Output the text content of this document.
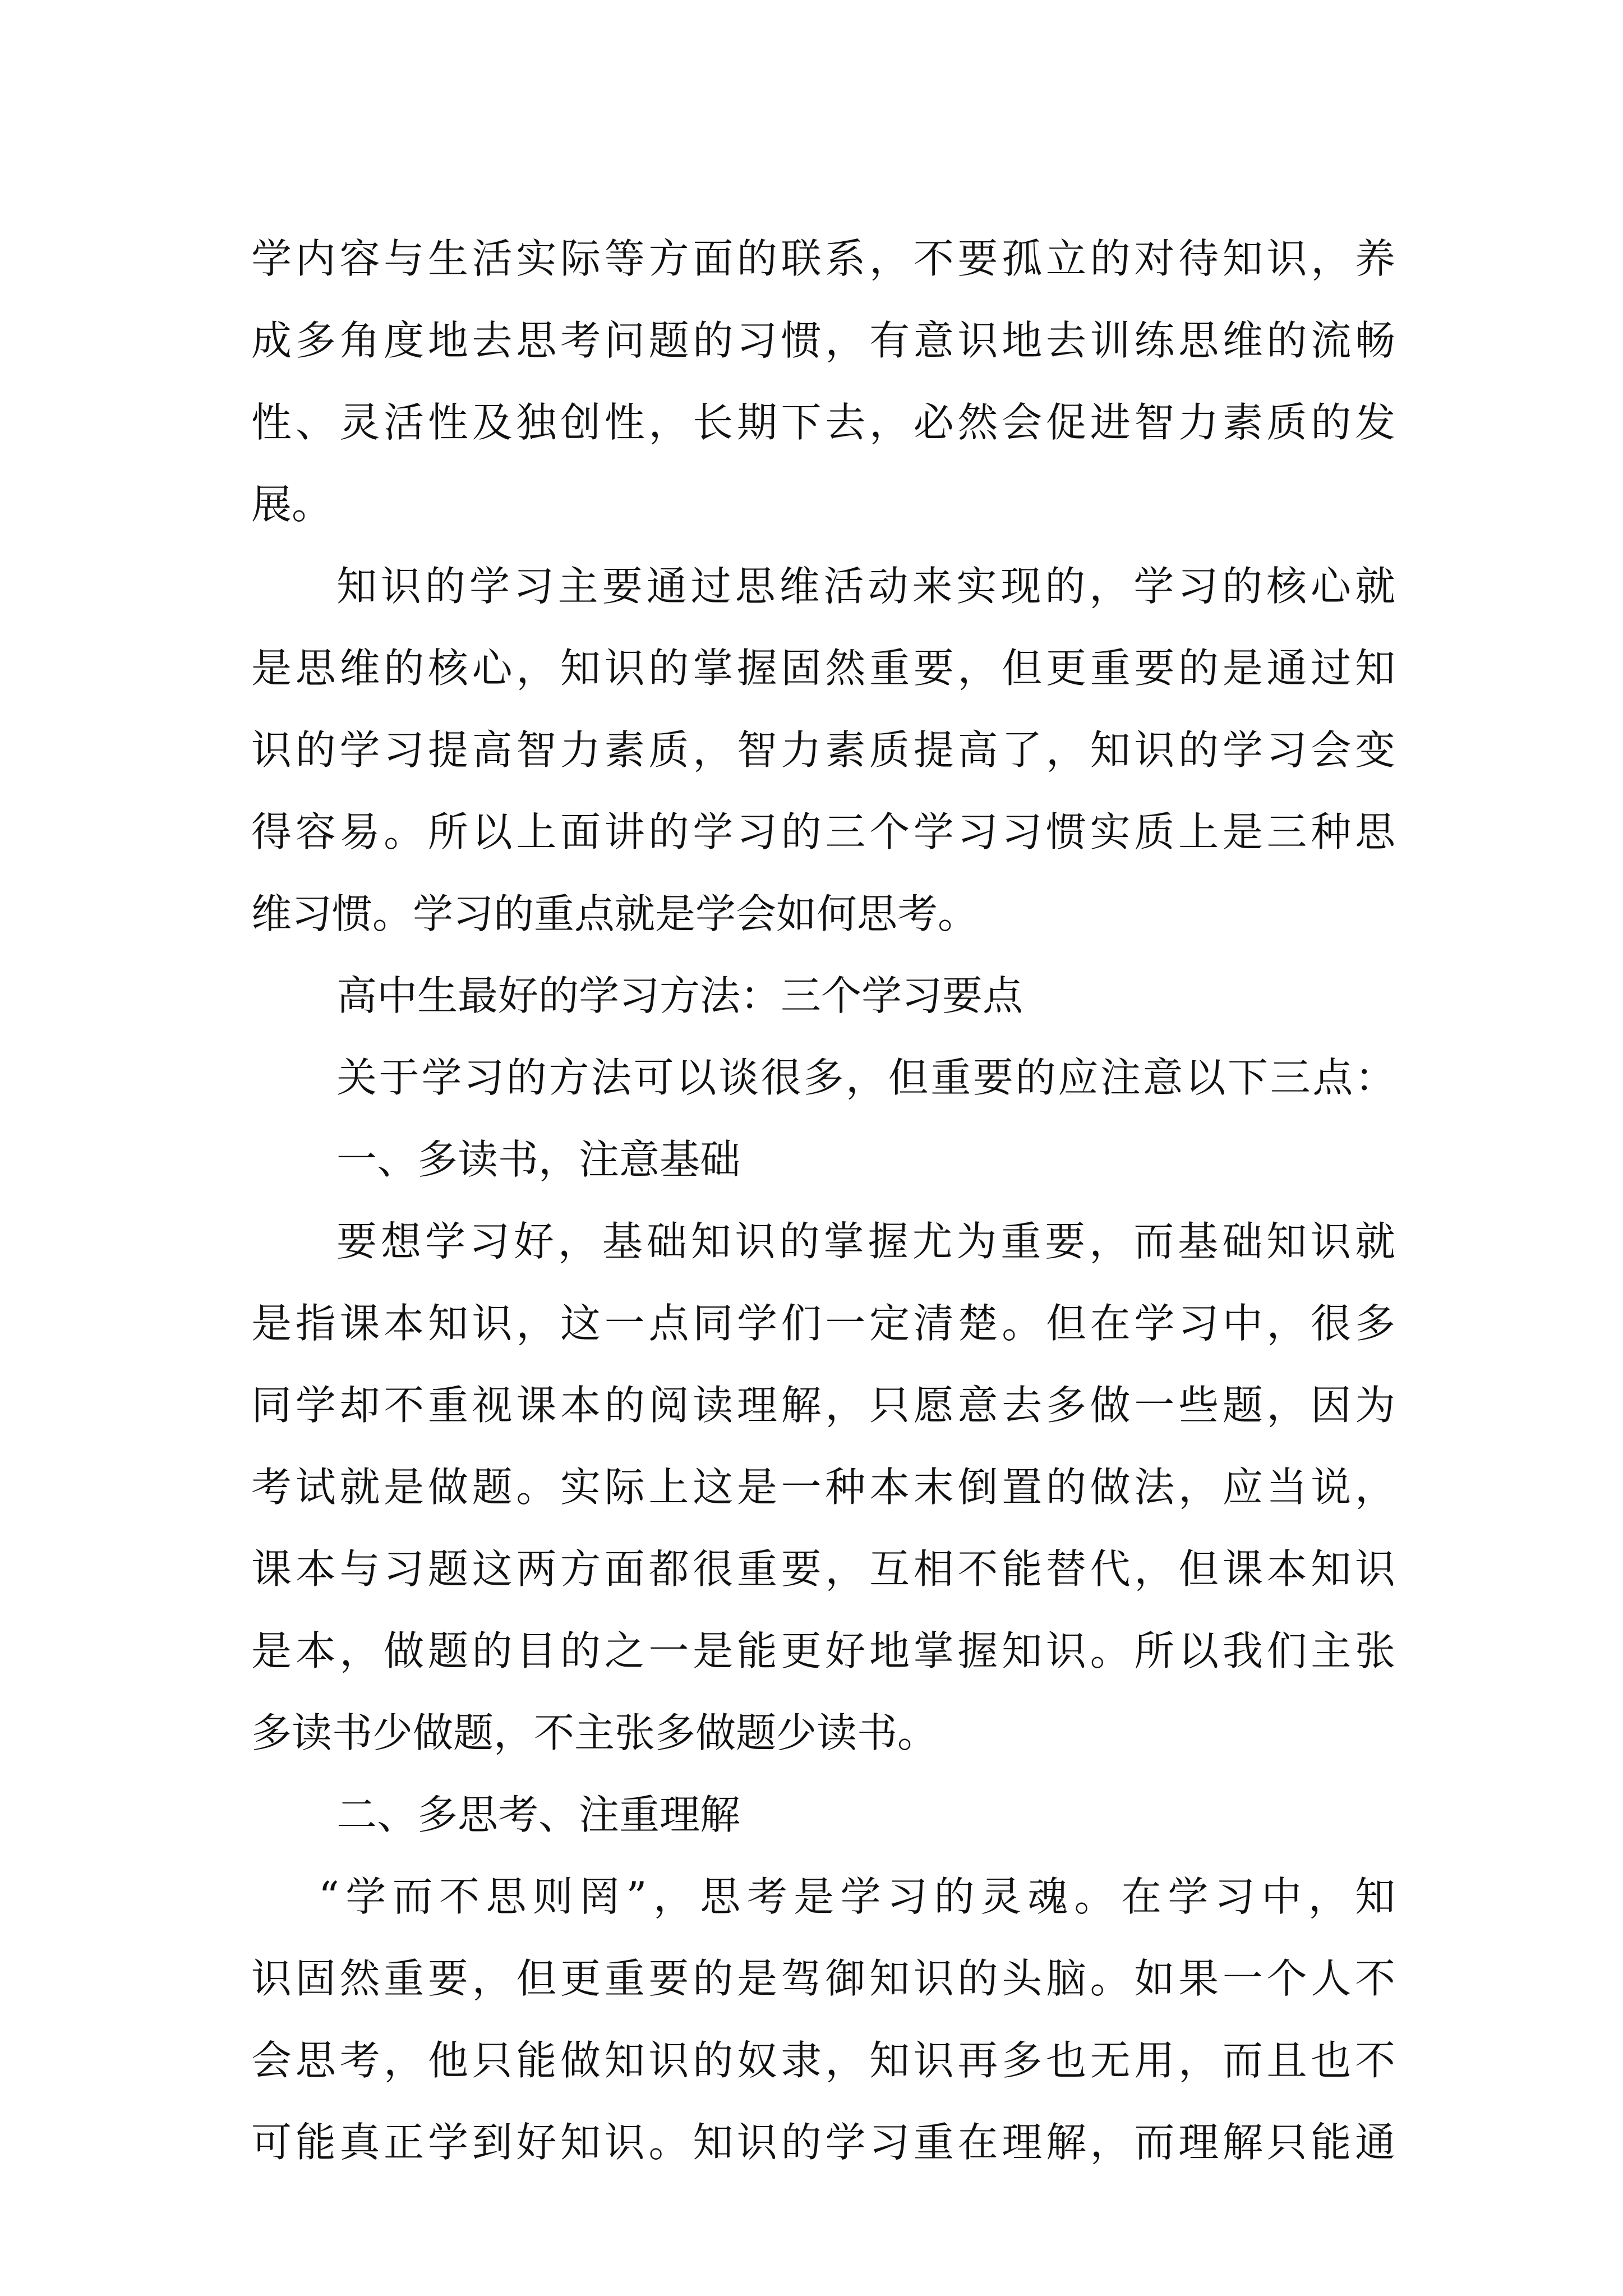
学内容与生活实际等方面的联系，不要孤立的对待知识，养
成多角度地去思考问题的习惯，有意识地去训练思维的流畅
性、灵活性及独创性，长期下去，必然会促进智力素质的发
展。
知识的学习主要通过思维活动来实现的，学习的核心就
是思维的核心，知识的掌握固然重要，但更重要的是通过知
识的学习提高智力素质，智力素质提高了，知识的学习会变
得容易。所以上面讲的学习的三个学习习惯实质上是三种思
维习惯。学习的重点就是学会如何思考。
高中生最好的学习方法：三个学习要点
关于学习的方法可以谈很多，但重要的应注意以下三点：
一、多读书，注意基础
要想学习好，基础知识的掌握尤为重要，而基础知识就
是指课本知识，这一点同学们一定清楚。但在学习中，很多
同学却不重视课本的阅读理解，只愿意去多做一些题，因为
考试就是做题。实际上这是一种本末倒置的做法，应当说，
课本与习题这两方面都很重要，互相不能替代，但课本知识
是本，做题的目的之一是能更好地掌握知识。所以我们主张
多读书少做题，不主张多做题少读书。
二、多思考、注重理解
“学而不思则罔”，思考是学习的灵魂。在学习中，知
识固然重要，但更重要的是驾御知识的头脑。如果一个人不
会思考，他只能做知识的奴隶，知识再多也无用，而且也不
可能真正学到好知识。知识的学习重在理解，而理解只能通
